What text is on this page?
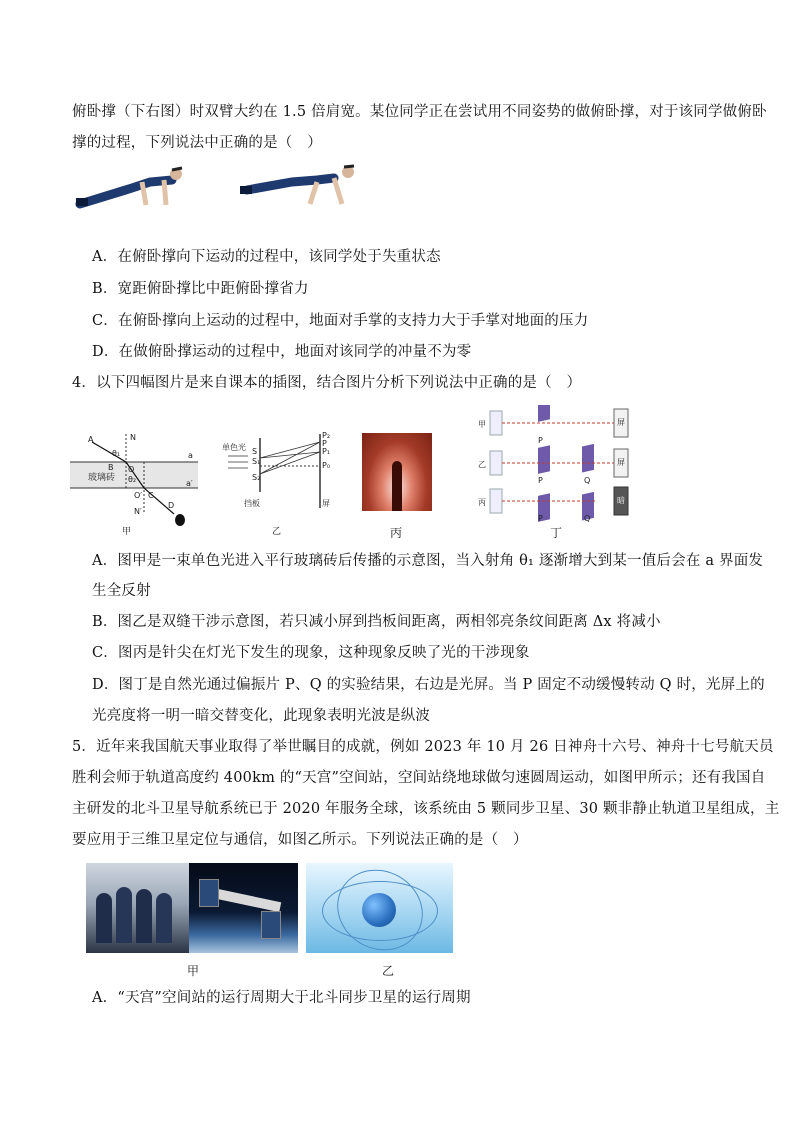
俯卧撑（下右图）时双臂大约在 1.5 倍肩宽。某位同学正在尝试用不同姿势的做俯卧撑，对于该同学做俯卧
撑的过程，下列说法中正确的是（　）
A．在俯卧撑向下运动的过程中，该同学处于失重状态
B．宽距俯卧撑比中距俯卧撑省力
C．在俯卧撑向上运动的过程中，地面对手掌的支持力大于手掌对地面的压力
D．在做俯卧撑运动的过程中，地面对该同学的冲量不为零
4．以下四幅图片是来自课本的插图，结合图片分析下列说法中正确的是（　）
A
B
C
D
N
N′
O
O′
a
a′
θ₁
θ₂
玻璃砖
甲
单色光 S
S₁
S₂
P₂
P
P₁
P₀
挡板	屏
乙	丙
甲
乙
丙
P
P	Q
P	Q
屏
屏
暗
丁
A．图甲是一束单色光进入平行玻璃砖后传播的示意图，当入射角 θ₁ 逐渐增大到某一值后会在 a 界面发
生全反射
B．图乙是双缝干涉示意图，若只减小屏到挡板间距离，两相邻亮条纹间距离 Δx 将减小
C．图丙是针尖在灯光下发生的现象，这种现象反映了光的干涉现象
D．图丁是自然光通过偏振片 P、Q 的实验结果，右边是光屏。当 P 固定不动缓慢转动 Q 时，光屏上的
光亮度将一明一暗交替变化，此现象表明光波是纵波
5．近年来我国航天事业取得了举世瞩目的成就，例如 2023 年 10 月 26 日神舟十六号、神舟十七号航天员
胜利会师于轨道高度约 400km 的“天宫”空间站，空间站绕地球做匀速圆周运动，如图甲所示；还有我国自
主研发的北斗卫星导航系统已于 2020 年服务全球，该系统由 5 颗同步卫星、30 颗非静止轨道卫星组成，主
要应用于三维卫星定位与通信，如图乙所示。下列说法正确的是（　）
甲	乙
A．“天宫”空间站的运行周期大于北斗同步卫星的运行周期
